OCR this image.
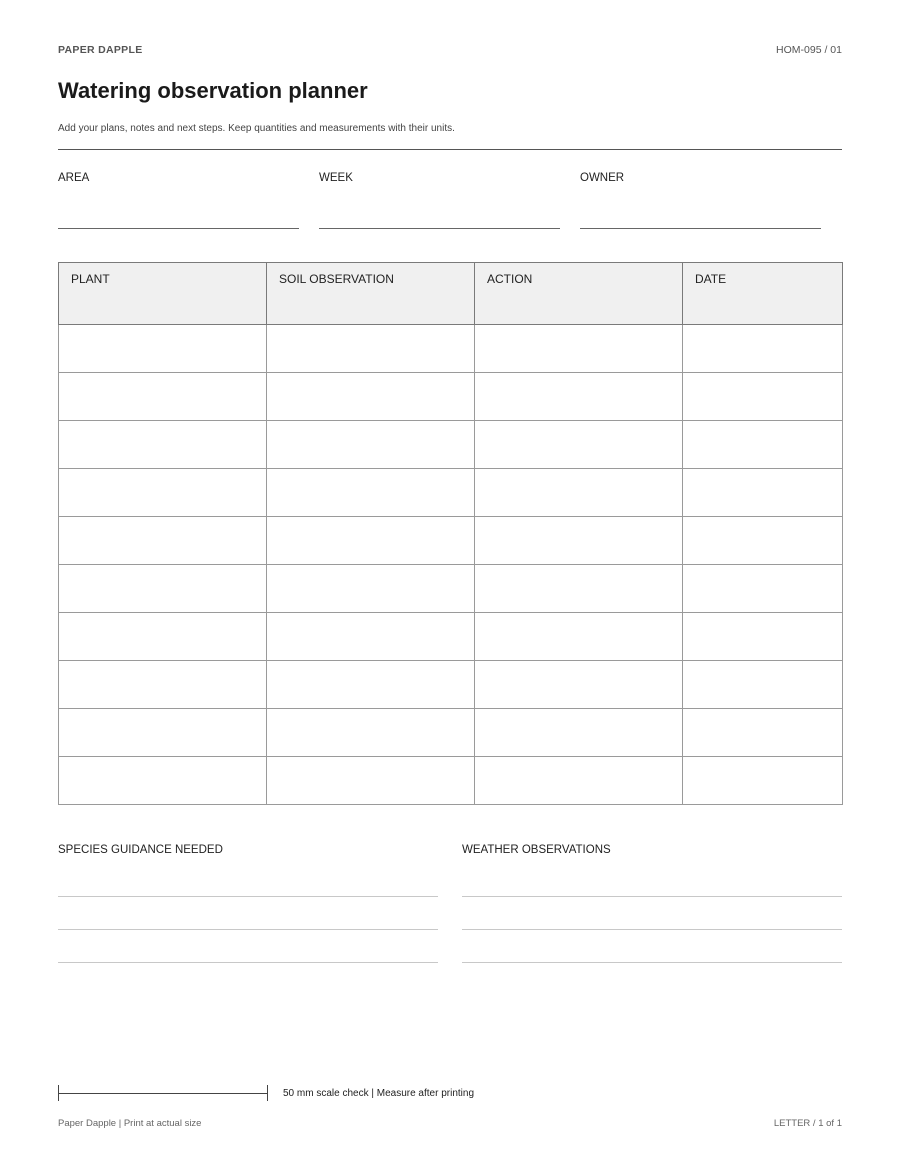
PAPER DAPPLE	HOM-095 / 01
Watering observation planner
Add your plans, notes and next steps. Keep quantities and measurements with their units.
AREA	WEEK	OWNER
PLANT	SOIL OBSERVATION	ACTION	DATE

SPECIES GUIDANCE NEEDED	WEATHER OBSERVATIONS
50 mm scale check | Measure after printing
Paper Dapple | Print at actual size	LETTER / 1 of 1
